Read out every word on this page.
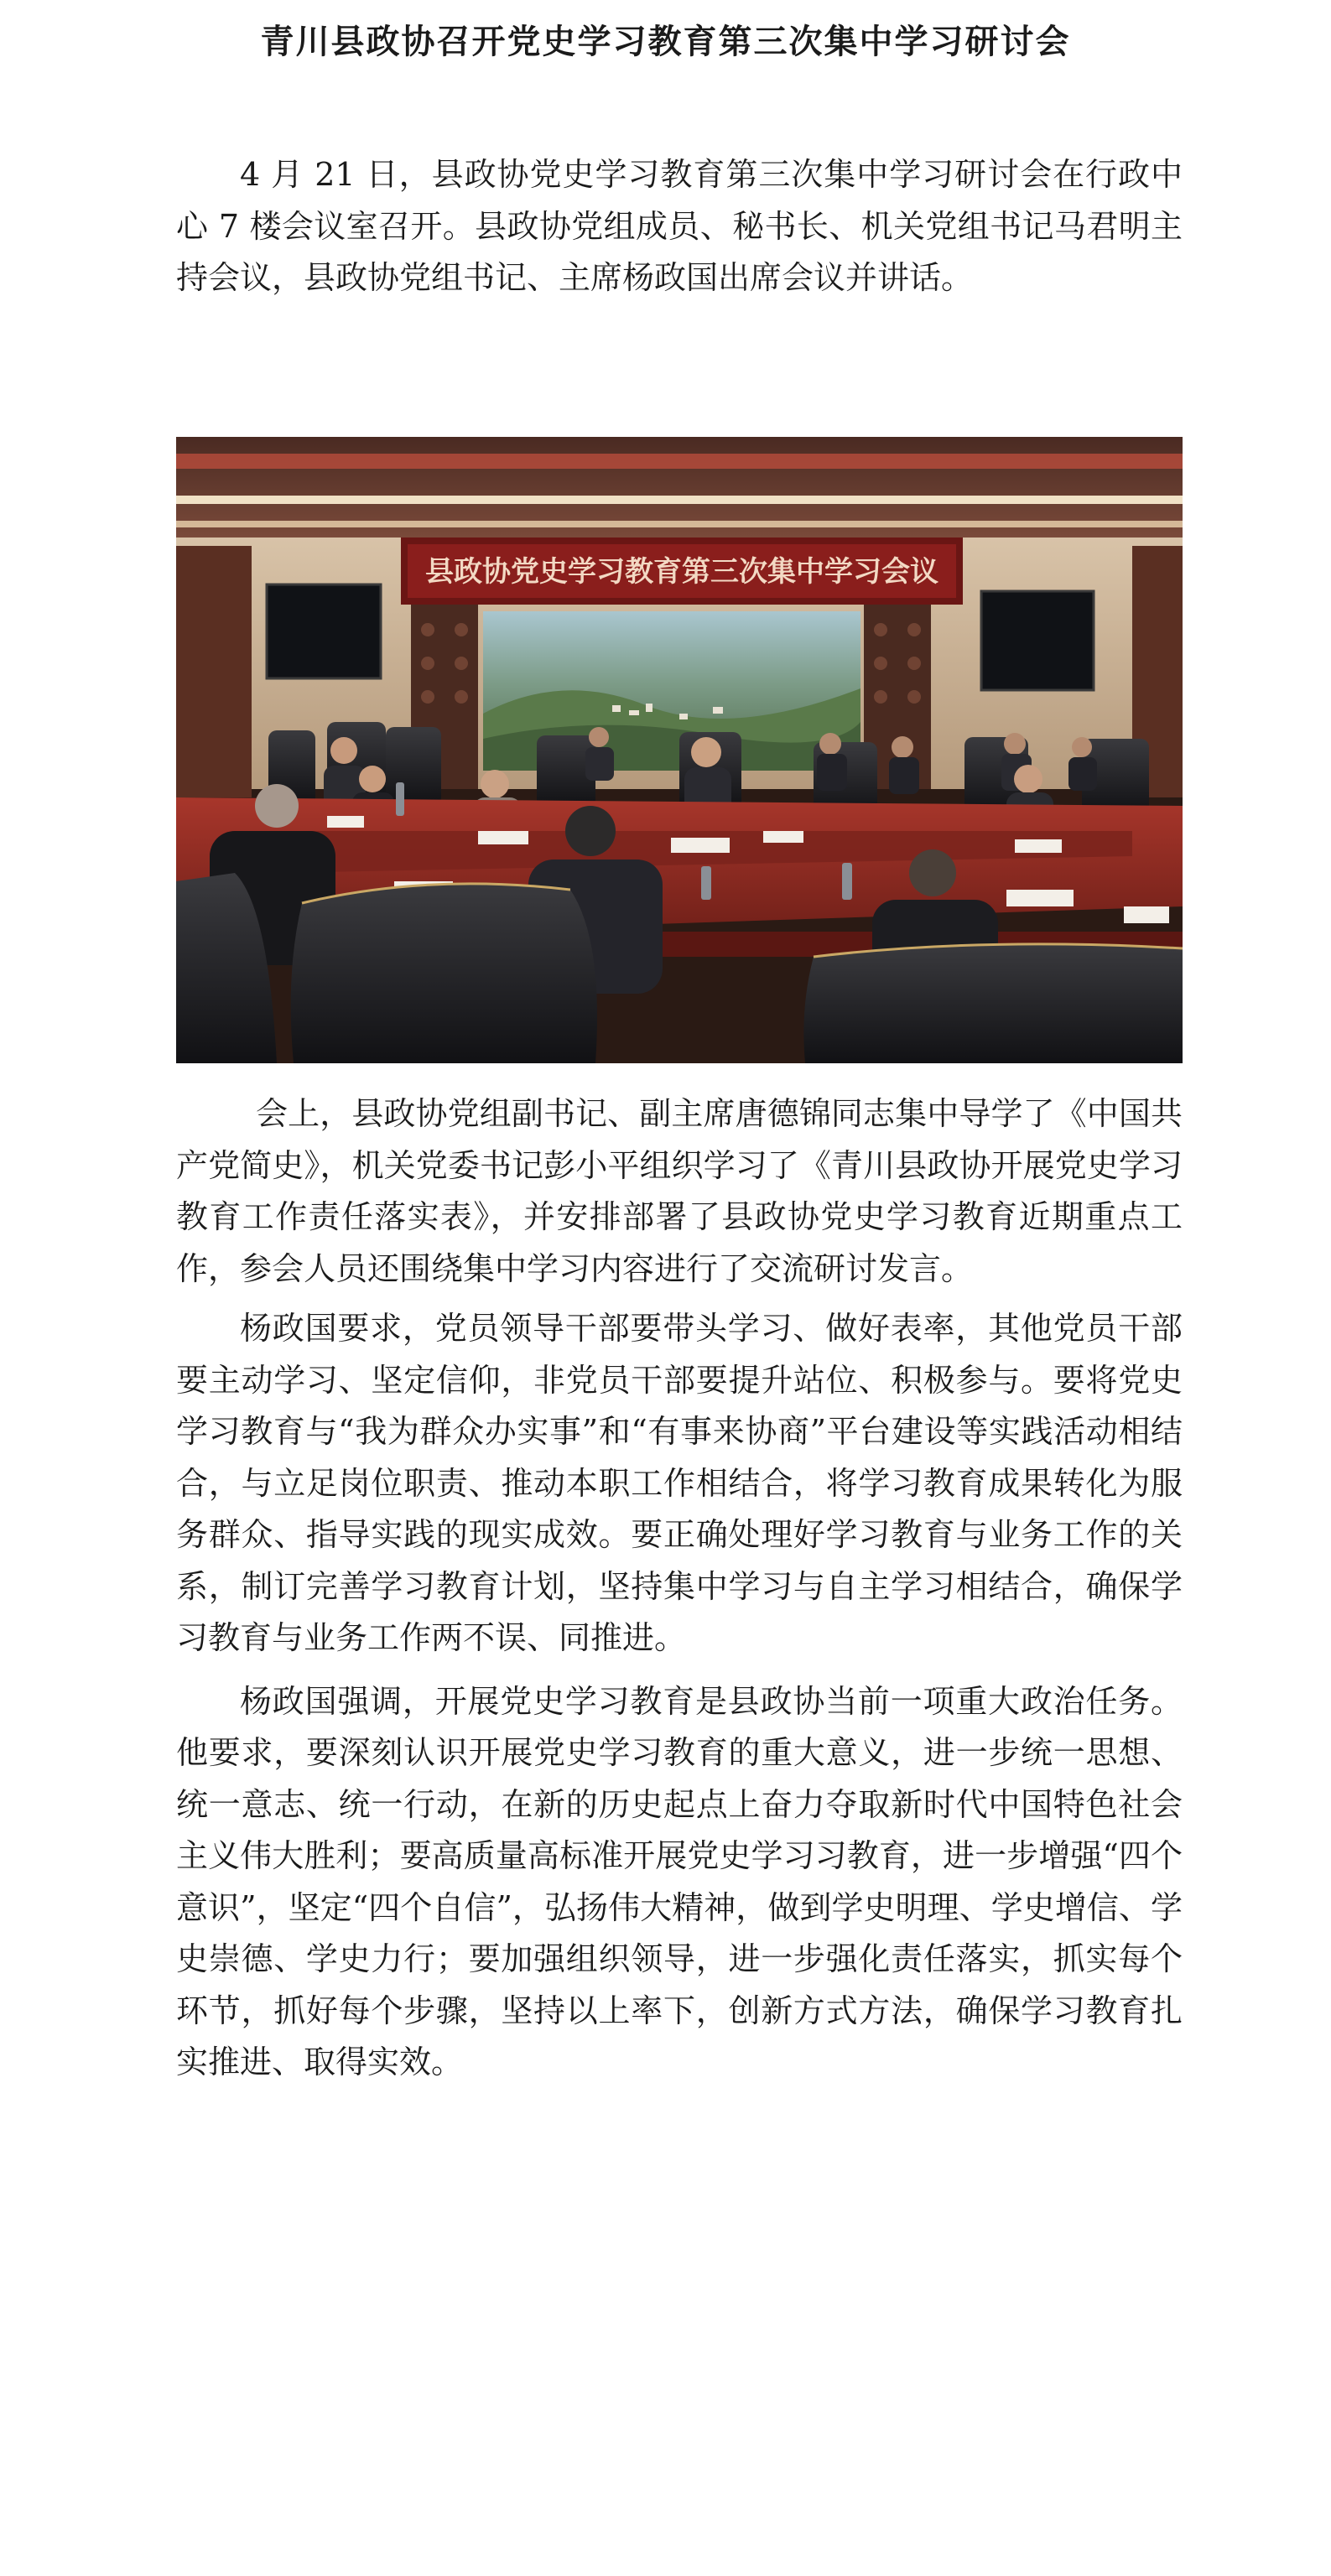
青川县政协召开党史学习教育第三次集中学习研讨会

4 月 21 日，县政协党史学习教育第三次集中学习研讨会在行政中心 7 楼会议室召开。县政协党组成员、秘书长、机关党组书记马君明主持会议，县政协党组书记、主席杨政国出席会议并讲话。

县政协党史学习教育第三次集中学习会议

会上，县政协党组副书记、副主席唐德锦同志集中导学了《中国共产党简史》，机关党委书记彭小平组织学习了《青川县政协开展党史学习教育工作责任落实表》，并安排部署了县政协党史学习教育近期重点工作，参会人员还围绕集中学习内容进行了交流研讨发言。

杨政国要求，党员领导干部要带头学习、做好表率，其他党员干部要主动学习、坚定信仰，非党员干部要提升站位、积极参与。要将党史学习教育与“我为群众办实事”和“有事来协商”平台建设等实践活动相结合，与立足岗位职责、推动本职工作相结合，将学习教育成果转化为服务群众、指导实践的现实成效。要正确处理好学习教育与业务工作的关系，制订完善学习教育计划，坚持集中学习与自主学习相结合，确保学习教育与业务工作两不误、同推进。

杨政国强调，开展党史学习教育是县政协当前一项重大政治任务。他要求，要深刻认识开展党史学习教育的重大意义，进一步统一思想、统一意志、统一行动，在新的历史起点上奋力夺取新时代中国特色社会主义伟大胜利；要高质量高标准开展党史学习习教育，进一步增强“四个意识”，坚定“四个自信”，弘扬伟大精神，做到学史明理、学史增信、学史崇德、学史力行；要加强组织领导，进一步强化责任落实，抓实每个环节，抓好每个步骤，坚持以上率下，创新方式方法，确保学习教育扎实推进、取得实效。
